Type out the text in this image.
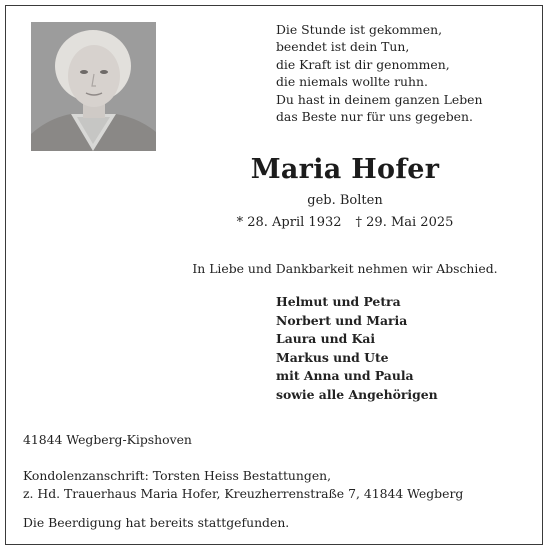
Die Stunde ist gekommen,
beendet ist dein Tun,
die Kraft ist dir genommen,
die niemals wollte ruhn.
Du hast in deinem ganzen Leben
das Beste nur für uns gegeben.
Maria Hofer
geb. Bolten
* 28. April 1932 † 29. Mai 2025
In Liebe und Dankbarkeit nehmen wir Abschied.
Helmut und Petra
Norbert und Maria
Laura und Kai
Markus und Ute
mit Anna und Paula
sowie alle Angehörigen
41844 Wegberg-Kipshoven
Kondolenzanschrift: Torsten Heiss Bestattungen,
z. Hd. Trauerhaus Maria Hofer, Kreuzherrenstraße 7, 41844 Wegberg
Die Beerdigung hat bereits stattgefunden.
